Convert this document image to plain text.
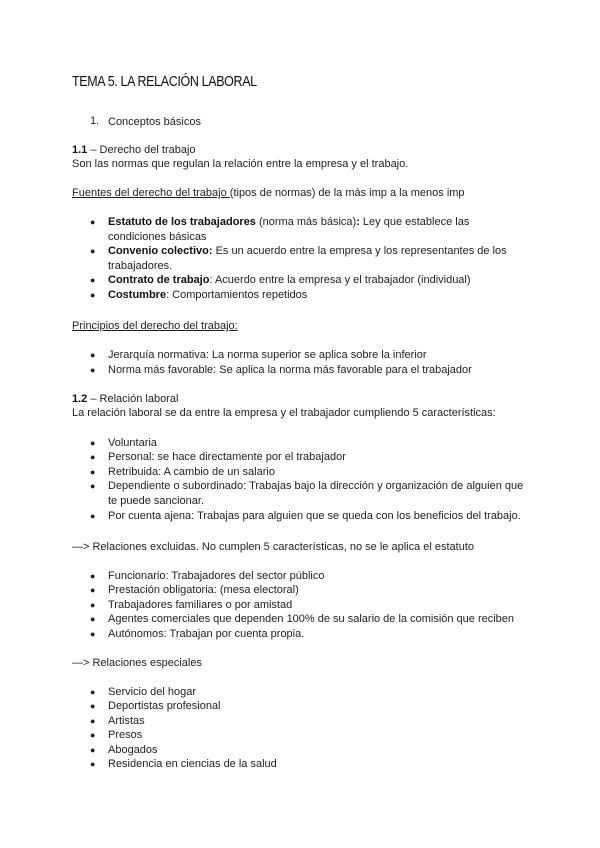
TEMA 5. LA RELACIÓN LABORAL
1. Conceptos básicos
1.1 – Derecho del trabajo
Son las normas que regulan la relación entre la empresa y el trabajo.
Fuentes del derecho del trabajo (tipos de normas) de la más imp a la menos imp
● Estatuto de los trabajadores (norma más básica): Ley que establece las
condiciones básicas
● Convenio colectivo: Es un acuerdo entre la empresa y los representantes de los
trabajadores.
● Contrato de trabajo: Acuerdo entre la empresa y el trabajador (individual)
● Costumbre: Comportamientos repetidos
Principios del derecho del trabajo:
● Jerarquía normativa: La norma superior se aplica sobre la inferior
● Norma más favorable: Se aplica la norma más favorable para el trabajador
1.2 – Relación laboral
La relación laboral se da entre la empresa y el trabajador cumpliendo 5 características:
● Voluntaria
● Personal: se hace directamente por el trabajador
● Retribuida: A cambio de un salario
● Dependiente o subordinado: Trabajas bajo la dirección y organización de alguien que
te puede sancionar.
● Por cuenta ajena: Trabajas para alguien que se queda con los beneficios del trabajo.
—> Relaciones excluidas. No cumplen 5 características, no se le aplica el estatuto
● Funcionario: Trabajadores del sector público
● Prestación obligatoria: (mesa electoral)
● Trabajadores familiares o por amistad
● Agentes comerciales que dependen 100% de su salario de la comisión que reciben
● Autónomos: Trabajan por cuenta propia.
—> Relaciones especiales
● Servicio del hogar
● Deportistas profesional
● Artistas
● Presos
● Abogados
● Residencia en ciencias de la salud
